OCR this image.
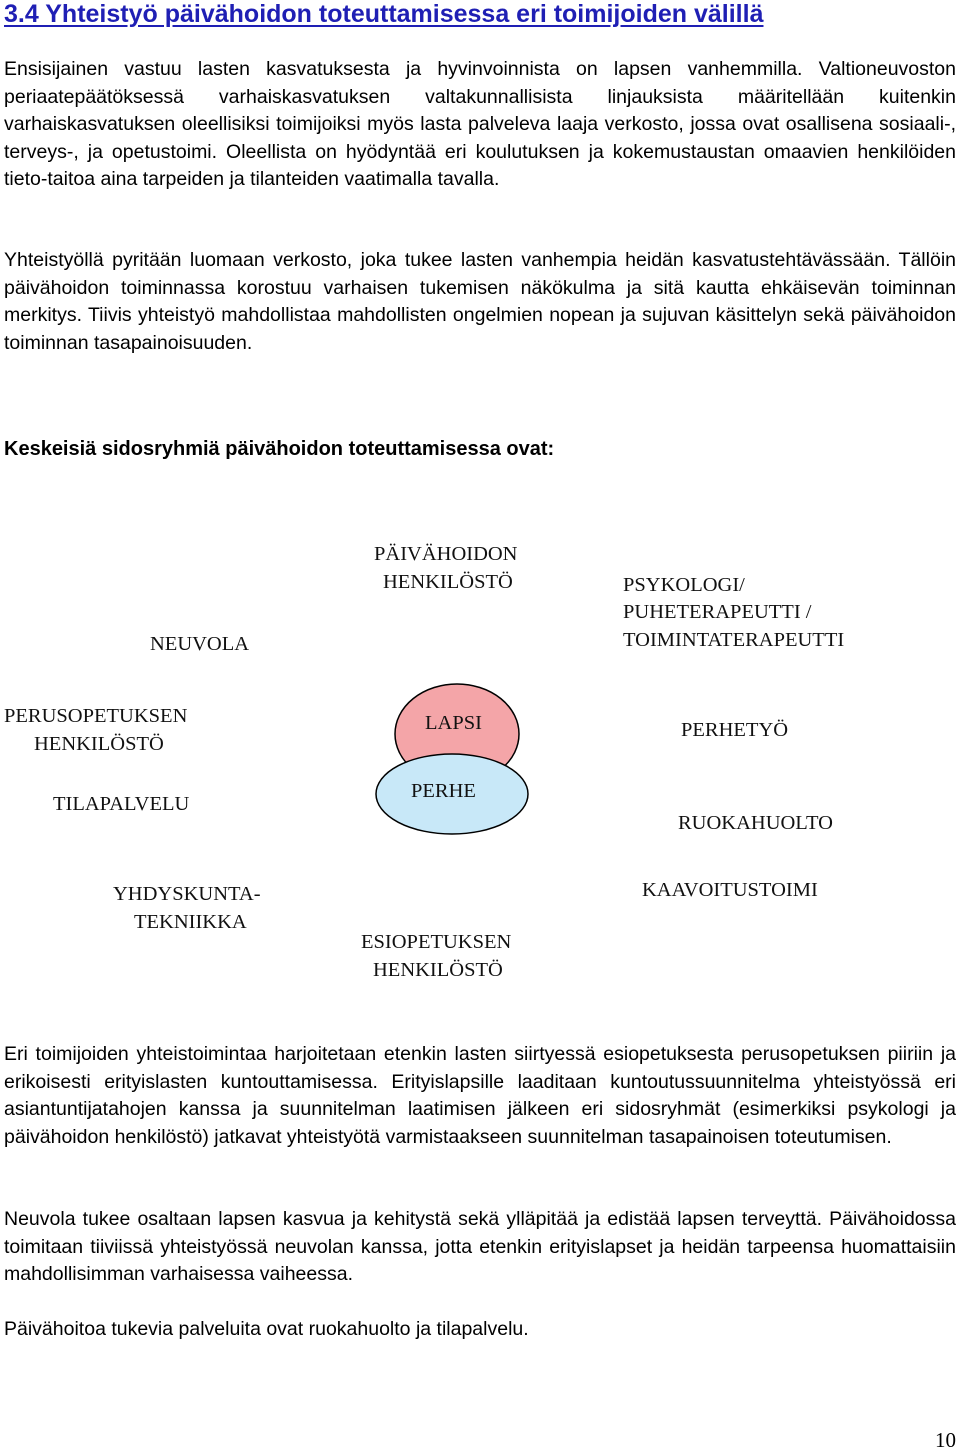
3.4 Yhteistyö päivähoidon toteuttamisessa eri toimijoiden välillä
Ensisijainen vastuu lasten kasvatuksesta ja hyvinvoinnista on lapsen vanhemmilla. Valtioneuvoston periaatepäätöksessä varhaiskasvatuksen valtakunnallisista linjauksista määritellään kuitenkin varhaiskasvatuksen oleellisiksi toimijoiksi myös lasta palveleva laaja verkosto, jossa ovat osallisena sosiaali-, terveys-, ja opetustoimi. Oleellista on hyödyntää eri koulutuksen ja kokemustaustan omaavien henkilöiden tieto-taitoa aina tarpeiden ja tilanteiden vaatimalla tavalla.
Yhteistyöllä pyritään luomaan verkosto, joka tukee lasten vanhempia heidän kasvatustehtävässään. Tällöin päivähoidon toiminnassa korostuu varhaisen tukemisen näkökulma ja sitä kautta ehkäisevän toiminnan merkitys. Tiivis yhteistyö mahdollistaa mahdollisten ongelmien nopean ja sujuvan käsittelyn sekä päivähoidon toiminnan tasapainoisuuden.
Keskeisiä sidosryhmiä päivähoidon toteuttamisessa ovat:
LAPSI
PERHE
PÄIVÄHOIDON
HENKILÖSTÖ	PSYKOLOGI/
PUHETERAPEUTTI /
TOIMINTATERAPEUTTI
NEUVOLA
PERUSOPETUKSEN
HENKILÖSTÖ
PERHETYÖ
TILAPALVELU
RUOKAHUOLTO
YHDYSKUNTA-
TEKNIIKKA
KAAVOITUSTOIMI
ESIOPETUKSEN
HENKILÖSTÖ
Eri toimijoiden yhteistoimintaa harjoitetaan etenkin lasten siirtyessä esiopetuksesta perusopetuksen piiriin ja erikoisesti erityislasten kuntouttamisessa. Erityislapsille laaditaan kuntoutussuunnitelma yhteistyössä eri asiantuntijatahojen kanssa ja suunnitelman laatimisen jälkeen eri sidosryhmät (esimerkiksi psykologi ja päivähoidon henkilöstö) jatkavat yhteistyötä varmistaakseen suunnitelman tasapainoisen toteutumisen.
Neuvola tukee osaltaan lapsen kasvua ja kehitystä sekä ylläpitää ja edistää lapsen terveyttä. Päivähoidossa toimitaan tiiviissä yhteistyössä neuvolan kanssa, jotta etenkin erityislapset ja heidän tarpeensa huomattaisiin mahdollisimman varhaisessa vaiheessa.
Päivähoitoa tukevia palveluita ovat ruokahuolto ja tilapalvelu.
10
